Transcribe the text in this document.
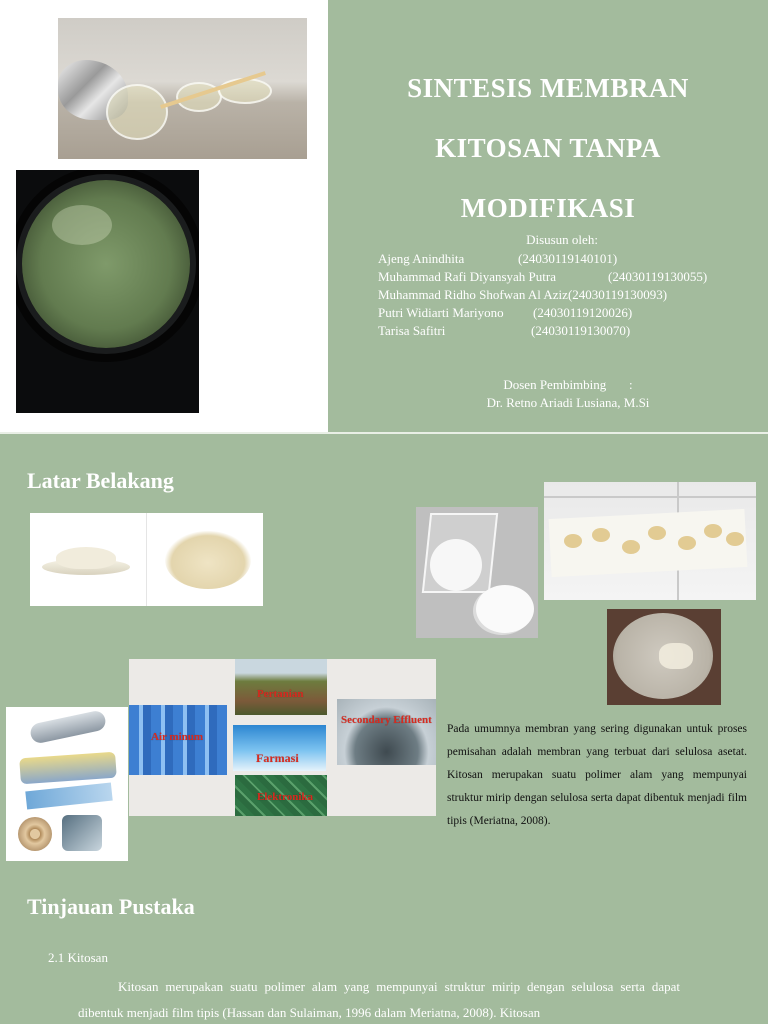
SINTESIS MEMBRAN
KITOSAN TANPA
MODIFIKASI
Disusun oleh:
Ajeng Anindhita	(24030119140101)
Muhammad Rafi Diyansyah Putra	(24030119130055)
Muhammad Ridho Shofwan Al Aziz (24030119130093)
Putri Widiarti Mariyono	(24030119120026)
Tarisa Safitri	(24030119130070)
Dosen Pembimbing       :
Dr. Retno Ariadi Lusiana, M.Si
Latar Belakang
Air minum
Pertanian
Farmasi
Elektronika
Secondary Effluent
Pada umumnya membran yang sering digunakan untuk proses pemisahan adalah membran yang terbuat dari selulosa asetat. Kitosan merupakan suatu polimer alam yang mempunyai struktur mirip dengan selulosa serta dapat dibentuk menjadi film tipis (Meriatna, 2008).
Tinjauan Pustaka
2.1 Kitosan
Kitosan merupakan suatu polimer alam yang mempunyai struktur mirip dengan selulosa serta dapat dibentuk menjadi film tipis (Hassan dan Sulaiman, 1996 dalam Meriatna, 2008). Kitosan
